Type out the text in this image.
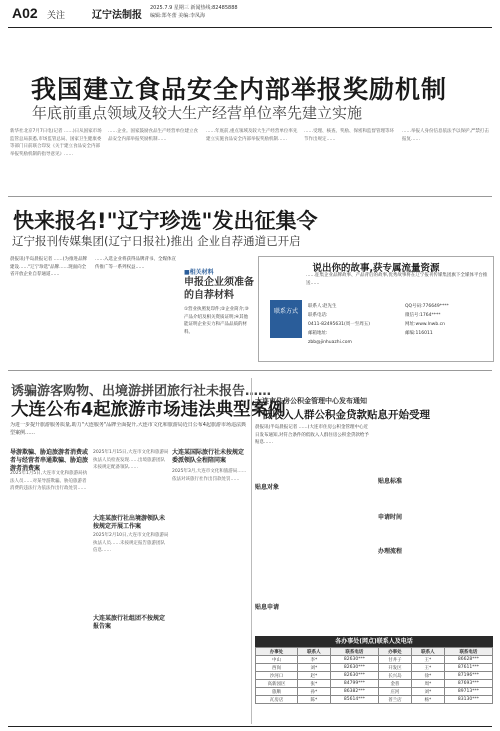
A02 关注	辽宁法制报
2025.7.9 星期三 新闻热线:82485888
编辑:郑冬蕾 美编:李凤海
我国建立食品安全内部举报奖励机制
年底前重点领域及较大生产经营单位率先建立实施
新华社北京7月7日电(记者 ……)日从国家市场监管总局获悉,市场监管总局、国家卫生健康委等部门日前联合印发《关于建立食品安全内部举报奖励机制的指导意见》……
……企业。国家鼓励食品生产经营单位建立食品安全内部举报奖励机制……
……年底前,重点领域及较大生产经营单位率先建立实施食品安全内部举报奖励机制……
……受理、核查、奖励、保密和监督管理等环节作出规定……
……举报人身份信息依法予以保护,严禁打击报复……
快来报名!"辽宁珍选"发出征集令
辽宁报刊传媒集团(辽宁日报社)推出 企业自荐通道已开启
晨报讯(半岛晨报记者 ……)为推进品牌建设……"辽宁珍选"品牌……现面向全省开放企业自荐通道……
……入选企业将获得品牌背书、全媒体宣传推广等一系列权益……
■相关材料
申报企业须准备
的自荐材料
①营业执照复印件;②企业简介;③产品介绍及相关资质证明;④其他能证明企业实力和产品品质的材料。
说出你的故事,获专属流量资源
……征集企业品牌故事、产品背后的故事,优秀故事将在辽宁报刊传媒集团旗下全媒体平台推送……
联系方式
联系人:赵先生
联系电话:
0411-82495631(周一至周五)
邮箱地址:
zbb@jinhuazhi.com
QQ号码:776649****
微信号:1764****
网址:www.lnwb.cn
邮编:116011
诱骗游客购物、出境游拼团旅行社未报告……
大连公布4起旅游市场违法典型案例
为进一步提升旅游服务质量,助力"大连服务"品牌全面提升,大连市文化和旅游局近日公布4起旅游市场违法典型案例……
导游欺骗、胁迫旅游者消费或者与经营者串通欺骗、胁迫旅游者消费案
2025年1月5日,大连市文化和旅游局执法人员……对某导游欺骗、胁迫旅游者消费的违法行为依法作出行政处罚……
大连某旅行社出境游领队未按规定开展工作案
2025年1月15日,大连市文化和旅游局执法人员检查发现……出境旅游团队未按规定配备领队……
大连某国际旅行社未按规定委派领队全程陪同案
2025年3月,大连市文化和旅游局……依法对该旅行社作出罚款处罚……
大连某旅行社组团不按规定报告案
2025年2月10日,大连市文化和旅游局执法人员……未按规定报告旅游团队信息……
大连市住房公积金管理中心发布通知
低收入人群公积金贷款贴息开始受理
晨报讯(半岛晨报记者 ……)大连市住房公积金管理中心近日发布通知,对符合条件的低收入人群住房公积金贷款给予贴息……
贴息对象
贴息申请
贴息标准
申请时间
办理流程
各办事处(网点)联系人及电话
办事处	联系人	联系电话	办事处	联系人	联系电话
中山	李*	82630***	甘井子	王*	86628***
西岗	刘*	82630***	开发区	王*	87611***
沙河口	赵*	82630***	长兴岛	徐*	87196***
高新园区	张*	84799***	金普	周*	87693***
旅顺	孙*	86382***	庄河	刘*	89713***
瓦房店	陈*	85614***	普兰店	杨*	83130***
